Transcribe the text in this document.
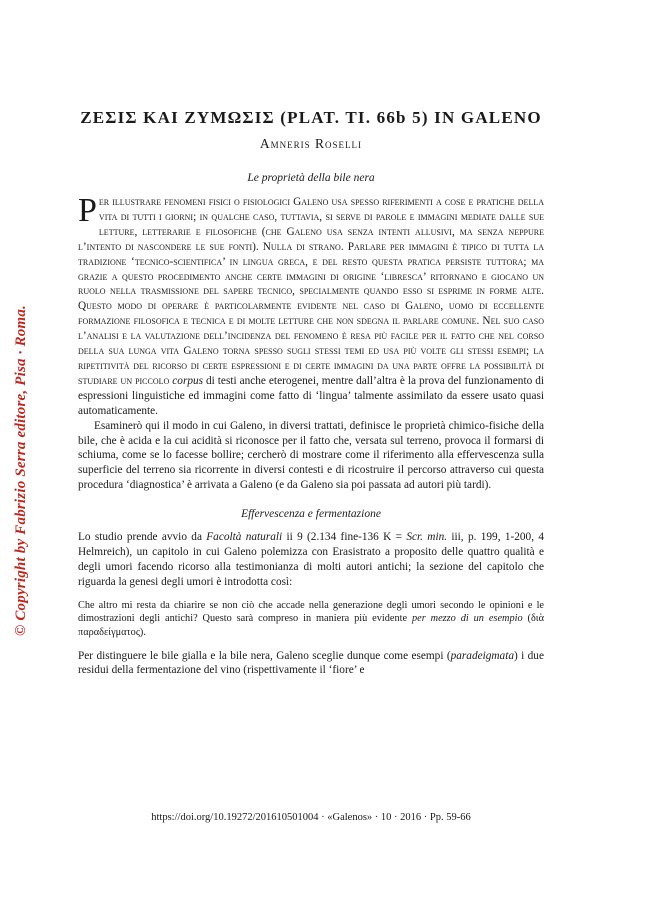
© Copyright by Fabrizio Serra editore, Pisa · Roma.
ΖΕΣΙΣ ΚΑΙ ΖΥΜΩΣΙΣ (PLAT. TI. 66b 5) IN GALENO
Amneris Roselli
Le proprietà della bile nera

Per illustrare fenomeni fisici o fisiologici Galeno usa spesso riferimenti a cose e pratiche della vita di tutti i giorni; in qualche caso, tuttavia, si serve di parole e immagini mediate dalle sue letture, letterarie e filosofiche (che Galeno usa senza intenti allusivi, ma senza neppure l’intento di nascondere le sue fonti). Nulla di strano. Parlare per immagini è tipico di tutta la tradizione ‘tecnico-scientifica’ in lingua greca, e del resto questa pratica persiste tuttora; ma grazie a questo procedimento anche certe immagini di origine ‘libresca’ ritornano e giocano un ruolo nella trasmissione del sapere tecnico, specialmente quando esso si esprime in forme alte. Questo modo di operare è particolarmente evidente nel caso di Galeno, uomo di eccellente formazione filosofica e tecnica e di molte letture che non sdegna il parlare comune. Nel suo caso l’analisi e la valutazione dell’incidenza del fenomeno è resa più facile per il fatto che nel corso della sua lunga vita Galeno torna spesso sugli stessi temi ed usa più volte gli stessi esempi; la ripetitività del ricorso di certe espressioni e di certe immagini da una parte offre la possibilità di studiare un piccolo corpus di testi anche eterogenei, mentre dall’altra è la prova del funzionamento di espressioni linguistiche ed immagini come fatto di ‘lingua’ talmente assimilato da essere usato quasi automaticamente.

Esaminerò qui il modo in cui Galeno, in diversi trattati, definisce le proprietà chimico-fisiche della bile, che è acida e la cui acidità si riconosce per il fatto che, versata sul terreno, provoca il formarsi di schiuma, come se lo facesse bollire; cercherò di mostrare come il riferimento alla effervescenza sulla superficie del terreno sia ricorrente in diversi contesti e di ricostruire il percorso attraverso cui questa procedura ‘diagnostica’ è arrivata a Galeno (e da Galeno sia poi passata ad autori più tardi).

Effervescenza e fermentazione

Lo studio prende avvio da Facoltà naturali ii 9 (2.134 fine-136 K = Scr. min. iii, p. 199, 1-200, 4 Helmreich), un capitolo in cui Galeno polemizza con Erasistrato a proposito delle quattro qualità e degli umori facendo ricorso alla testimonianza di molti autori antichi; la sezione del capitolo che riguarda la genesi degli umori è introdotta così:

Che altro mi resta da chiarire se non ciò che accade nella generazione degli umori secondo le opinioni e le dimostrazioni degli antichi? Questo sarà compreso in maniera più evidente per mezzo di un esempio (διὰ παραδείγματος).

Per distinguere le bile gialla e la bile nera, Galeno sceglie dunque come esempi (paradeigmata) i due residui della fermentazione del vino (rispettivamente il ‘fiore’ e

https://doi.org/10.19272/201610501004 · «Galenos» · 10 · 2016 · Pp. 59-66
